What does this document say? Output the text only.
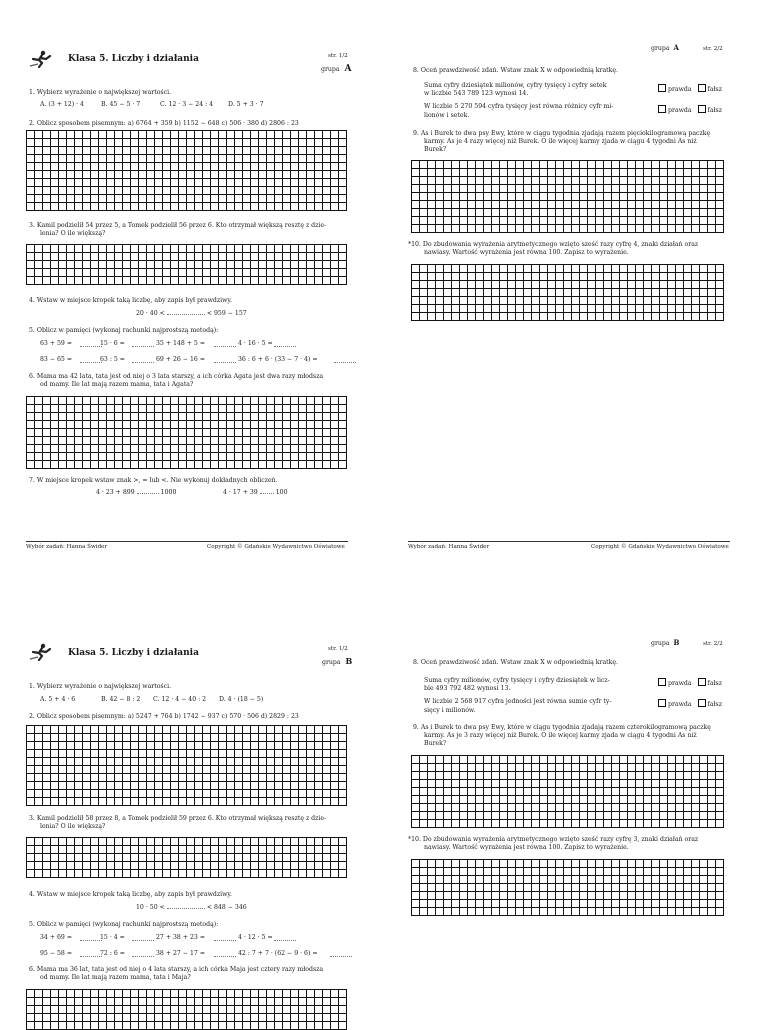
Klasa 5. Liczby i działania	str. 1/2
grupa A
1. Wybierz wyrażenie o największej wartości.
A. (3 + 12) · 4	B. 45 − 5 · 7	C. 12 · 3 − 24 : 4 D. 5 + 3 · 7
2. Oblicz sposobem pisemnym: a) 6764 + 359 b) 1152 − 648 c) 506 · 380 d) 2806 : 23
3. Kamil podzielił 54 przez 5, a Tomek podzielił 56 przez 6. Kto otrzymał większą resztę z dzie-
lenia? O ile większą?
4. Wstaw w miejsce kropek taką liczbę, aby zapis był prawdziwy.
20 · 40 <	< 959 − 157
5. Oblicz w pamięci (wykonaj rachunki najprostszą metodą):
63 + 59 =	15 · 6 =	35 + 148 + 5 =	4 · 16 · 5 =
83 − 65 =	63 : 5 =	69 + 26 − 16 =	36 : 6 + 6 · (33 − 7 · 4) =
6. Mama ma 42 lata, tata jest od niej o 3 lata starszy, a ich córka Agata jest dwa razy młodsza
od mamy. Ile lat mają razem mama, tata i Agata?
7. W miejsce kropek wstaw znak >, = lub <. Nie wykonuj dokładnych obliczeń.
4 · 23 + 899	1000	4 · 17 + 39	100
Wybór zadań: Hanna Świder	Copyright © Gdańskie Wydawnictwo Oświatowe
grupa A	str. 2/2
8. Oceń prawdziwość zdań. Wstaw znak X w odpowiednią kratkę.
Suma cyfry dziesiątek milionów, cyfry tysięcy i cyfry setek
w liczbie 543 789 123 wynosi 14.
prawda	fałsz
W liczbie 5 270 594 cyfra tysięcy jest równa różnicy cyfr mi-
lionów i setek.
prawda	fałsz
9. As i Burek to dwa psy Ewy, które w ciągu tygodnia zjadają razem pięciokilogramową paczkę
karmy. As je 4 razy więcej niż Burek. O ile więcej karmy zjada w ciągu 4 tygodni As niż
Burek?
*10. Do zbudowania wyrażenia arytmetycznego wzięto sześć razy cyfrę 4, znaki działań oraz
nawiasy. Wartość wyrażenia jest równa 100. Zapisz to wyrażenie.
Wybór zadań: Hanna Świder	Copyright © Gdańskie Wydawnictwo Oświatowe
Klasa 5. Liczby i działania	str. 1/2
grupa B
1. Wybierz wyrażenie o największej wartości.
A. 5 + 4 · 6	B. 42 − 8 : 2 C. 12 · 4 − 40 : 2 D. 4 · (18 − 5)
2. Oblicz sposobem pisemnym: a) 5247 + 764 b) 1742 − 937 c) 570 · 506 d) 2829 : 23
3. Kamil podzielił 58 przez 8, a Tomek podzielił 59 przez 6. Kto otrzymał większą resztę z dzie-
lenia? O ile większą?
4. Wstaw w miejsce kropek taką liczbę, aby zapis był prawdziwy.
10 · 50 <	< 848 − 346
5. Oblicz w pamięci (wykonaj rachunki najprostszą metodą):
34 + 69 =	15 · 4 =	27 + 38 + 23 =	4 · 12 · 5 =
95 − 58 =	72 : 6 =	38 + 27 − 17 =	42 : 7 + 7 · (62 − 9 · 6) =
6. Mama ma 36 lat, tata jest od niej o 4 lata starszy, a ich córka Maja jest cztery razy młodsza
od mamy. Ile lat mają razem mama, tata i Maja?
grupa B	str. 2/2
8. Oceń prawdziwość zdań. Wstaw znak X w odpowiednią kratkę.
Suma cyfry milionów, cyfry tysięcy i cyfry dziesiątek w licz-
bie 493 792 482 wynosi 13.
prawda	fałsz
W liczbie 2 568 917 cyfra jedności jest równa sumie cyfr ty-
sięcy i milionów.
prawda	fałsz
9. As i Burek to dwa psy Ewy, które w ciągu tygodnia zjadają razem czterokilogramową paczkę
karmy. As je 3 razy więcej niż Burek. O ile więcej karmy zjada w ciągu 4 tygodni As niż
Burek?
*10. Do zbudowania wyrażenia arytmetycznego wzięto sześć razy cyfrę 3, znaki działań oraz
nawiasy. Wartość wyrażenia jest równa 100. Zapisz to wyrażenie.
